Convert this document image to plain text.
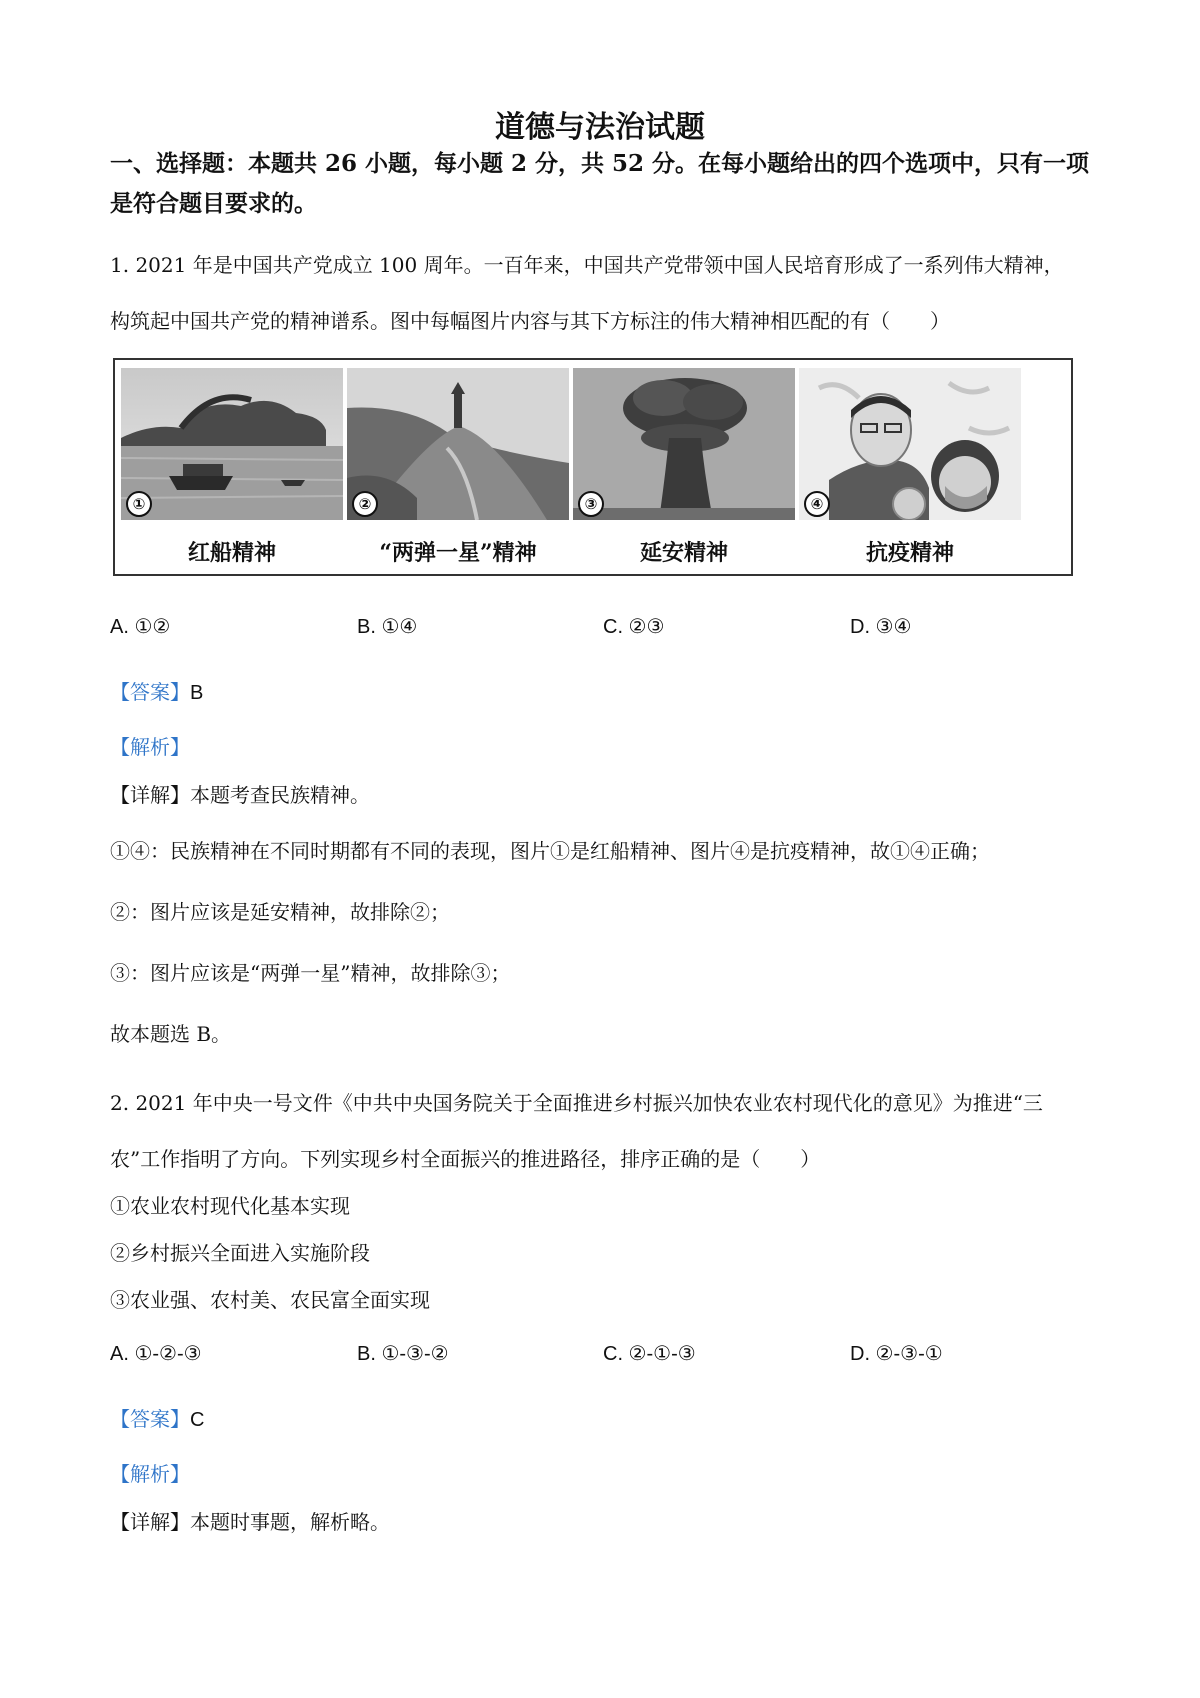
道德与法治试题
一、选择题：本题共 26 小题，每小题 2 分，共 52 分。在每小题给出的四个选项中，只有一项
是符合题目要求的。
1. 2021 年是中国共产党成立 100 周年。一百年来，中国共产党带领中国人民培育形成了一系列伟大精神，
构筑起中国共产党的精神谱系。图中每幅图片内容与其下方标注的伟大精神相匹配的有（　　）
①	②	③	④
红船精神	“两弹一星”精神	延安精神	抗疫精神
A. ①②	B. ①④	C. ②③	D. ③④
【答案】B
【解析】
【详解】本题考查民族精神。
①④：民族精神在不同时期都有不同的表现，图片①是红船精神、图片④是抗疫精神，故①④正确；
②：图片应该是延安精神，故排除②；
③：图片应该是“两弹一星”精神，故排除③；
故本题选 B。
2. 2021 年中央一号文件《中共中央国务院关于全面推进乡村振兴加快农业农村现代化的意见》为推进“三
农”工作指明了方向。下列实现乡村全面振兴的推进路径，排序正确的是（　　）
①农业农村现代化基本实现
②乡村振兴全面进入实施阶段
③农业强、农村美、农民富全面实现
A. ①-②-③	B. ①-③-②	C. ②-①-③	D. ②-③-①
【答案】C
【解析】
【详解】本题时事题，解析略。
